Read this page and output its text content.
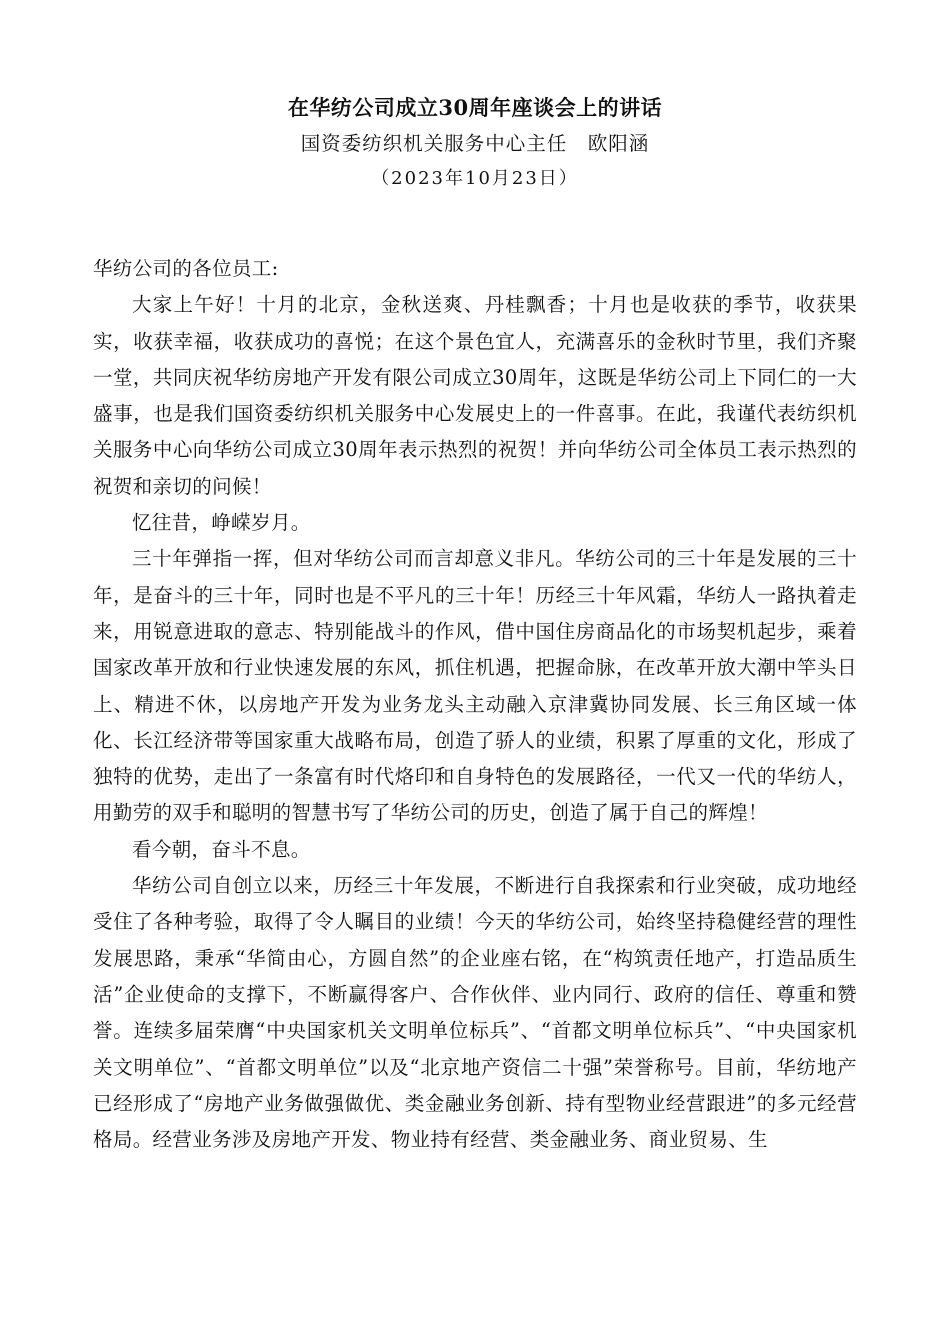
在华纺公司成立30周年座谈会上的讲话

国资委纺织机关服务中心主任　欧阳涵

（2023年10月23日）

华纺公司的各位员工:

大家上午好！十月的北京，金秋送爽、丹桂飘香；十月也是收获的季节，收获果实，收获幸福，收获成功的喜悦；在这个景色宜人，充满喜乐的金秋时节里，我们齐聚一堂，共同庆祝华纺房地产开发有限公司成立30周年，这既是华纺公司上下同仁的一大盛事，也是我们国资委纺织机关服务中心发展史上的一件喜事。在此，我谨代表纺织机关服务中心向华纺公司成立30周年表示热烈的祝贺！并向华纺公司全体员工表示热烈的祝贺和亲切的问候！

忆往昔，峥嵘岁月。

三十年弹指一挥，但对华纺公司而言却意义非凡。华纺公司的三十年是发展的三十年，是奋斗的三十年，同时也是不平凡的三十年！历经三十年风霜，华纺人一路执着走来，用锐意进取的意志、特别能战斗的作风，借中国住房商品化的市场契机起步，乘着国家改革开放和行业快速发展的东风，抓住机遇，把握命脉，在改革开放大潮中竿头日上、精进不休，以房地产开发为业务龙头主动融入京津冀协同发展、长三角区域一体化、长江经济带等国家重大战略布局，创造了骄人的业绩，积累了厚重的文化，形成了独特的优势，走出了一条富有时代烙印和自身特色的发展路径，一代又一代的华纺人，用勤劳的双手和聪明的智慧书写了华纺公司的历史，创造了属于自己的辉煌！

看今朝，奋斗不息。

华纺公司自创立以来，历经三十年发展，不断进行自我探索和行业突破，成功地经受住了各种考验，取得了令人瞩目的业绩！今天的华纺公司，始终坚持稳健经营的理性发展思路，秉承“华简由心，方圆自然”的企业座右铭，在“构筑责任地产，打造品质生活”企业使命的支撑下，不断赢得客户、合作伙伴、业内同行、政府的信任、尊重和赞誉。连续多届荣膺“中央国家机关文明单位标兵”、“首都文明单位标兵”、“中央国家机关文明单位”、“首都文明单位”以及“北京地产资信二十强”荣誉称号。目前，华纺地产已经形成了“房地产业务做强做优、类金融业务创新、持有型物业经营跟进”的多元经营格局。经营业务涉及房地产开发、物业持有经营、类金融业务、商业贸易、生
